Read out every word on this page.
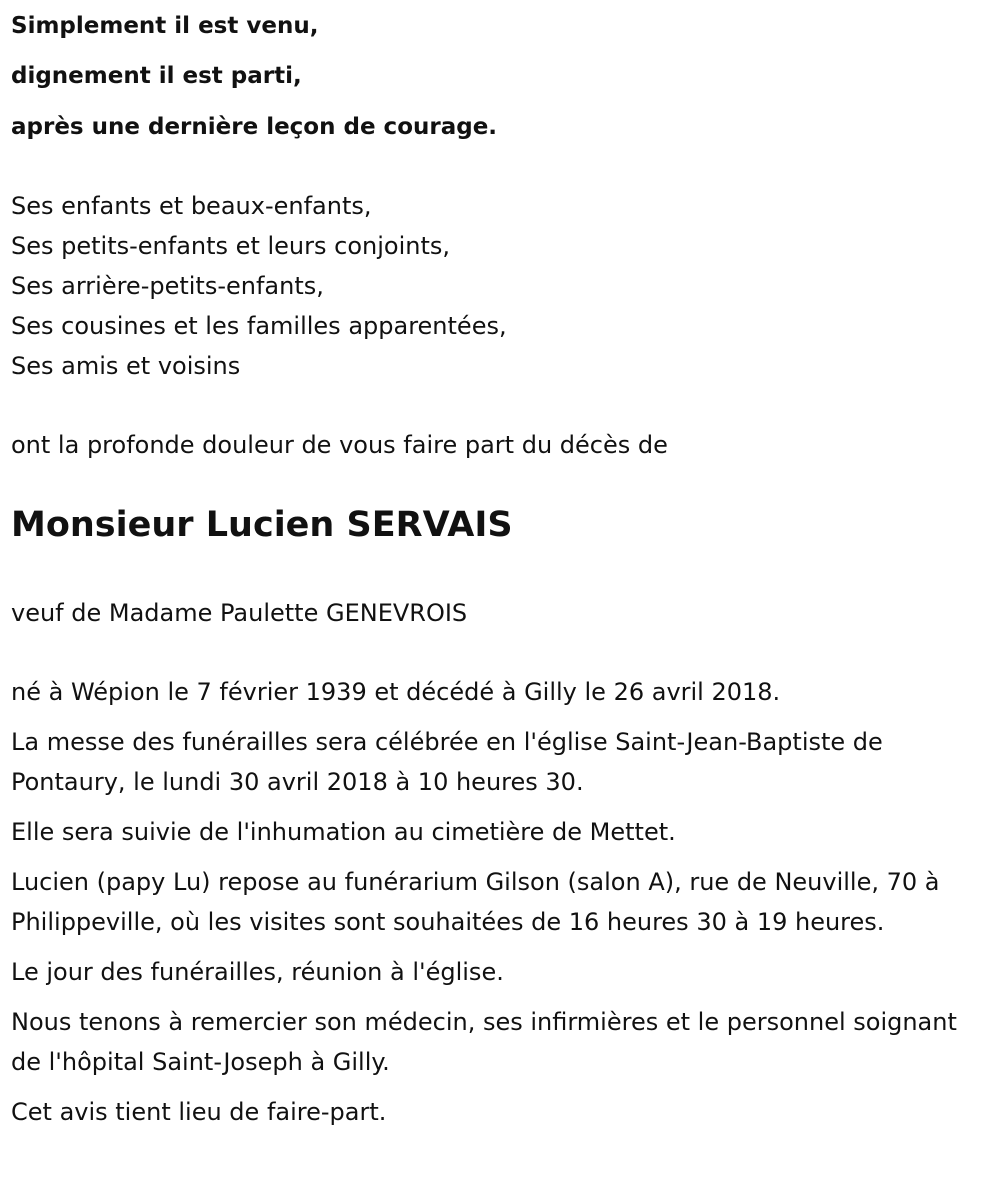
Simplement il est venu,
dignement il est parti,
après une dernière leçon de courage.
Ses enfants et beaux-enfants,
Ses petits-enfants et leurs conjoints,
Ses arrière-petits-enfants,
Ses cousines et les familles apparentées,
Ses amis et voisins
ont la profonde douleur de vous faire part du décès de
Monsieur Lucien SERVAIS
veuf de Madame Paulette GENEVROIS

né à Wépion le 7 février 1939 et décédé à Gilly le 26 avril 2018.

La messe des funérailles sera célébrée en l'église Saint-Jean-Baptiste de Pontaury, le lundi 30 avril 2018 à 10 heures 30.

Elle sera suivie de l'inhumation au cimetière de Mettet.

Lucien (papy Lu) repose au funérarium Gilson (salon A), rue de Neuville, 70 à Philippeville, où les visites sont souhaitées de 16 heures 30 à 19 heures.

Le jour des funérailles, réunion à l'église.

Nous tenons à remercier son médecin, ses infirmières et le personnel soignant de l'hôpital Saint-Joseph à Gilly.

Cet avis tient lieu de faire-part.
